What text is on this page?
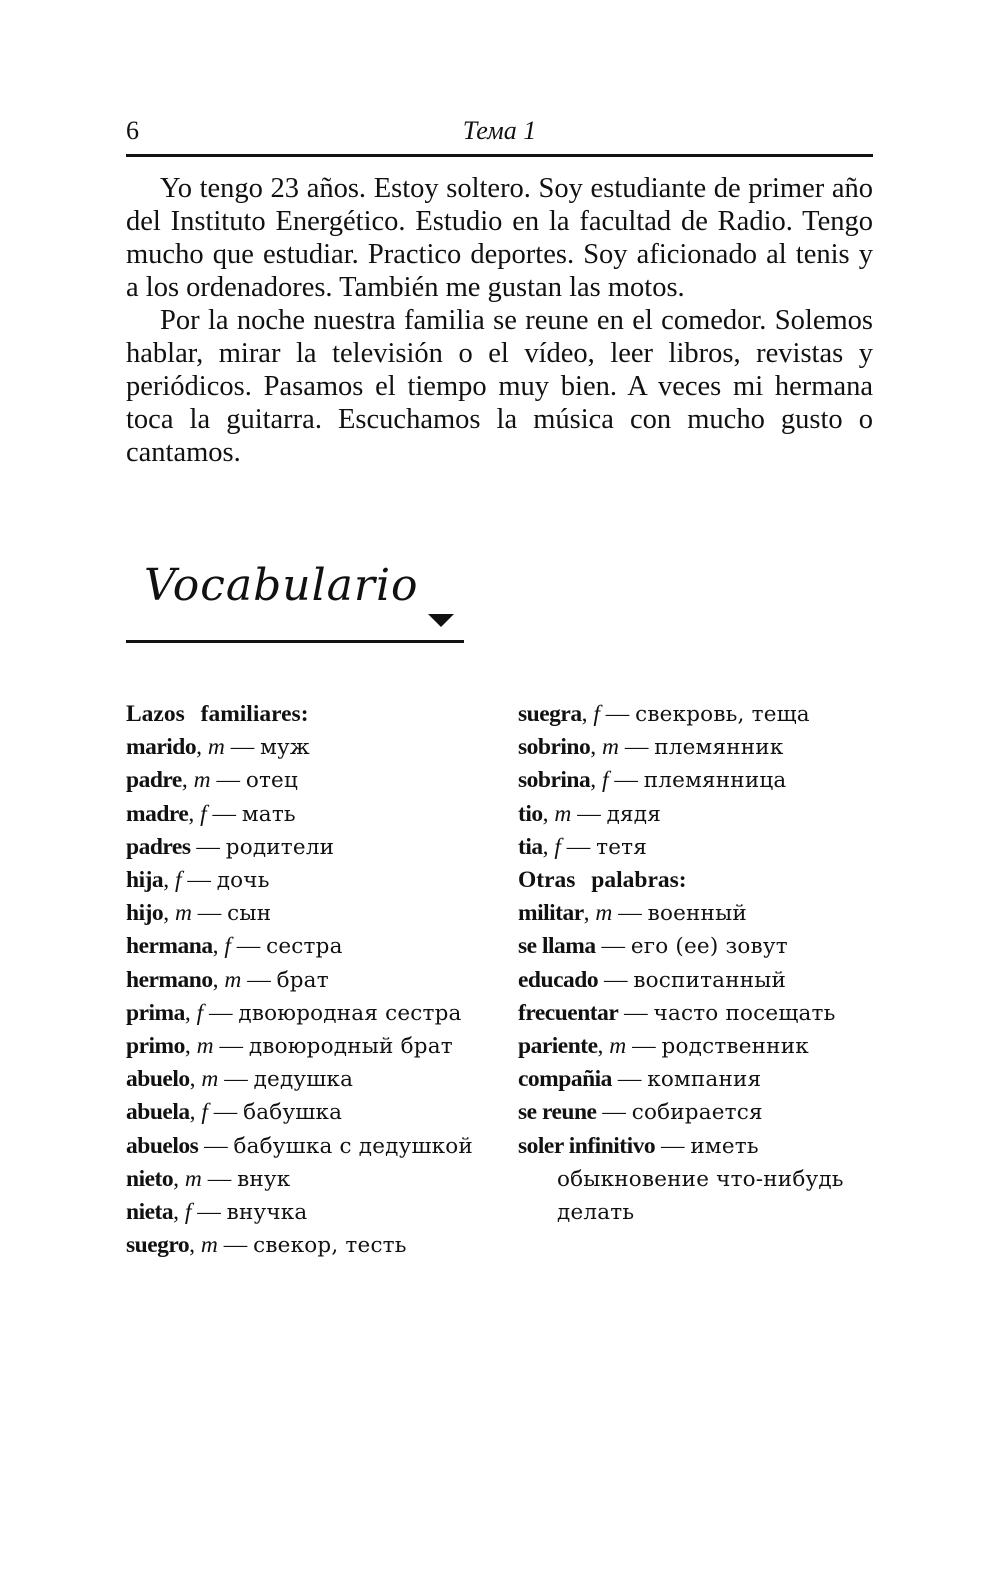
6	Тема 1

Yo tengo 23 años. Estoy soltero. Soy estudiante de primer año del Instituto Energético. Estudio en la facultad de Radio. Tengo mucho que estudiar. Practico deportes. Soy aficionado al tenis y a los ordenadores. También me gustan las motos.

Por la noche nuestra familia se reune en el comedor. Solemos hablar, mirar la televisión o el vídeo, leer libros, revistas y periódicos. Pasamos el tiempo muy bien. A veces mi hermana toca la guitarra. Escuchamos la música con mucho gusto o cantamos.

Vocabulario
Lazos familiares:
marido, m — муж
padre, m — отец
madre, f — мать
padres — родители
hija, f — дочь
hijo, m — сын
hermana, f — сестра
hermano, m — брат
prima, f — двоюродная сестра
primo, m — двоюродный брат
abuelo, m — дедушка
abuela, f — бабушка
abuelos — бабушка с дедушкой
nieto, m — внук
nieta, f — внучка
suegro, m — свекор, тесть
suegra, f — свекровь, теща
sobrino, m — племянник
sobrina, f — племянница
tio, m — дядя
tia, f — тетя
Otras palabras:
militar, m — военный
se llama — его (ее) зовут
educado — воспитанный
frecuentar — часто посещать
pariente, m — родственник
compañia — компания
se reune — собирается
soler infinitivo — иметь обыкновение что-нибудь делать
